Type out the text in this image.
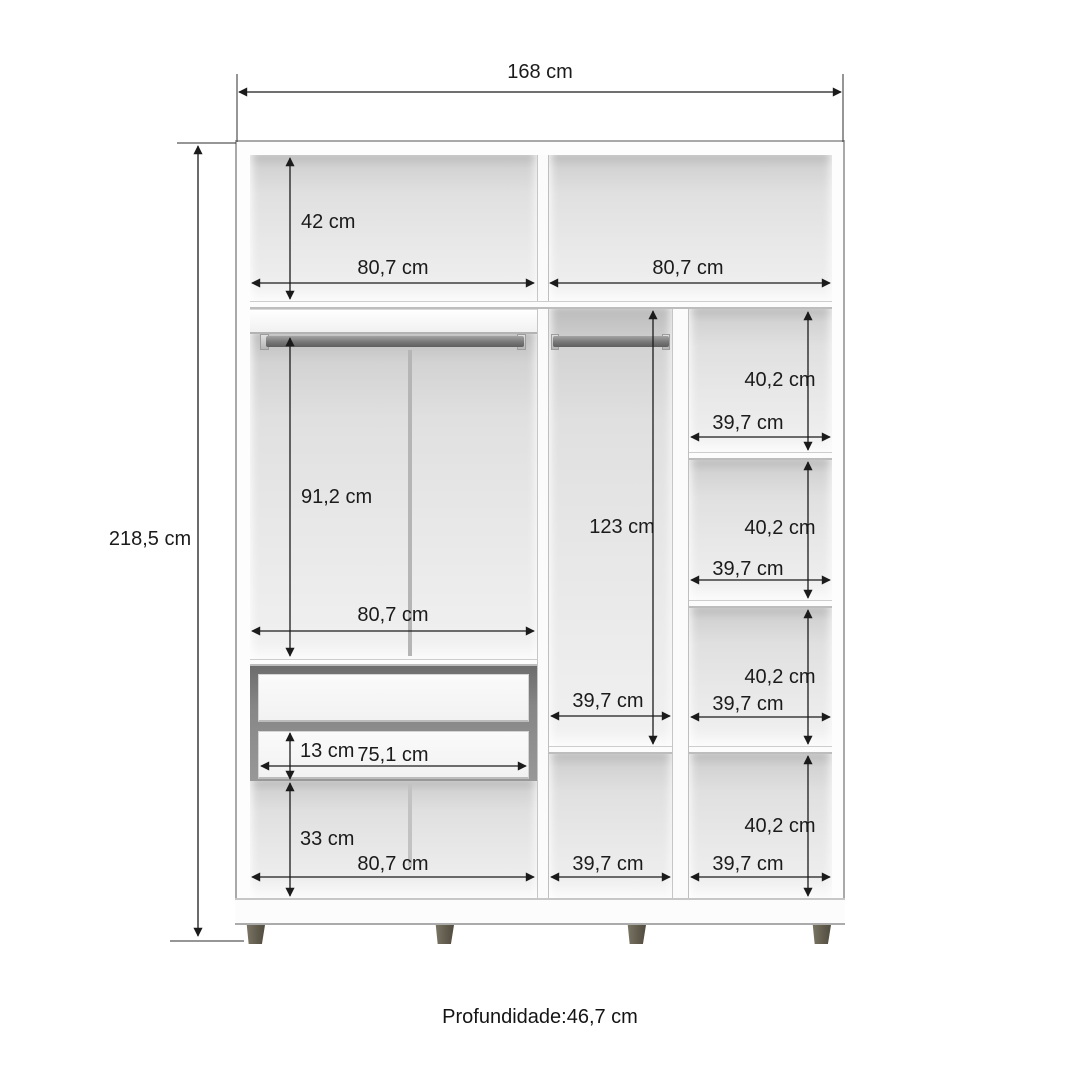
168 cm
218,5 cm
42 cm
80,7 cm	80,7 cm
91,2 cm
80,7 cm
123 cm
39,7 cm
40,2 cm
39,7 cm
40,2 cm
39,7 cm
40,2 cm
39,7 cm
40,2 cm
39,7 cm
13 cm 75,1 cm
33 cm
80,7 cm	39,7 cm
Profundidade:46,7 cm
